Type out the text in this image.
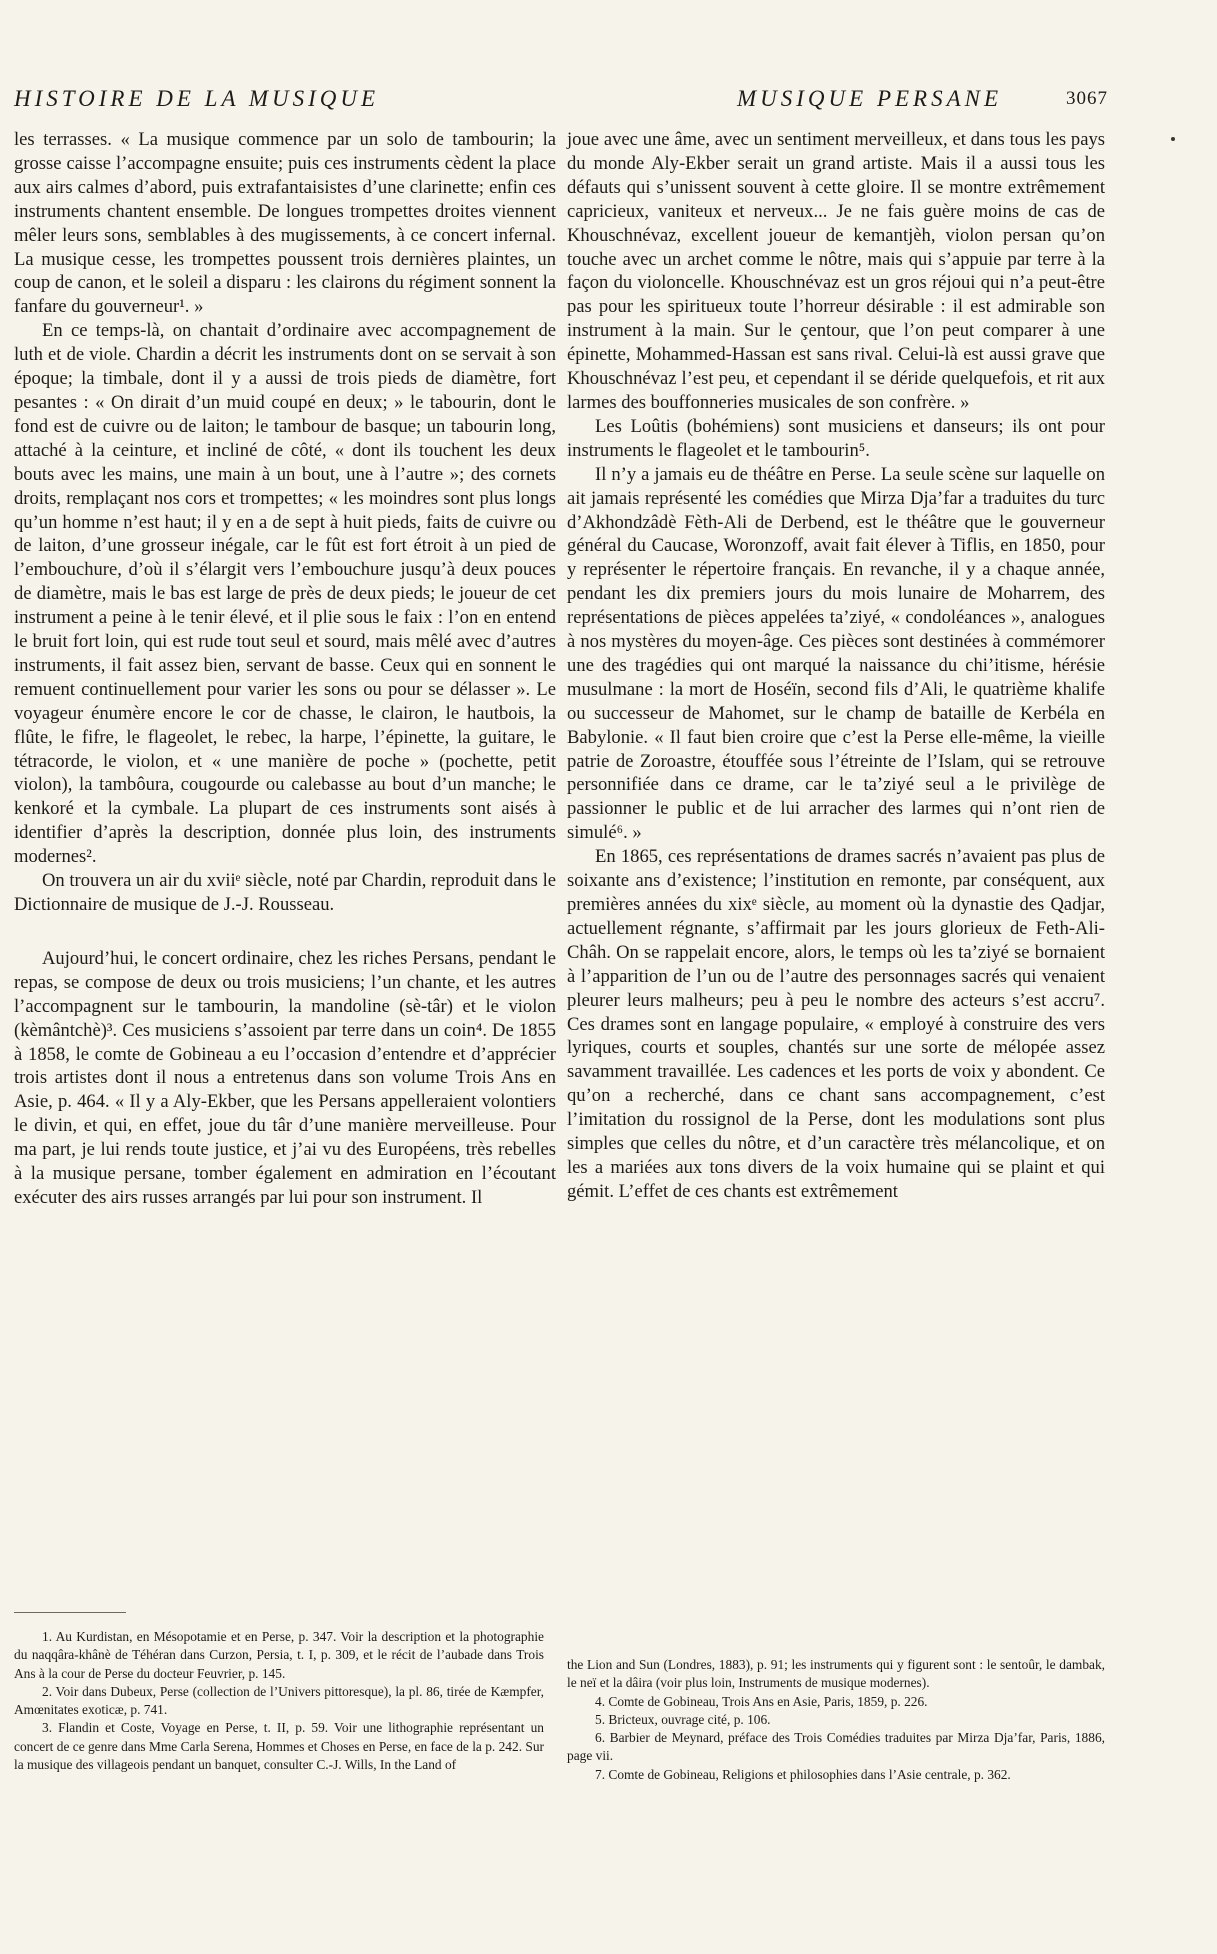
HISTOIRE DE LA MUSIQUE	MUSIQUE PERSANE	3067

les terrasses. « La musique commence par un solo de tambourin; la grosse caisse l’accompagne ensuite; puis ces instruments cèdent la place aux airs calmes d’abord, puis extrafantaisistes d’une clarinette; enfin ces instruments chantent ensemble. De longues trompettes droites viennent mêler leurs sons, semblables à des mugissements, à ce concert infernal. La musique cesse, les trompettes poussent trois dernières plaintes, un coup de canon, et le soleil a disparu : les clairons du régiment sonnent la fanfare du gouverneur¹. »

En ce temps-là, on chantait d’ordinaire avec accompagnement de luth et de viole. Chardin a décrit les instruments dont on se servait à son époque; la timbale, dont il y a aussi de trois pieds de diamètre, fort pesantes : « On dirait d’un muid coupé en deux; » le tabourin, dont le fond est de cuivre ou de laiton; le tambour de basque; un tabourin long, attaché à la ceinture, et incliné de côté, « dont ils touchent les deux bouts avec les mains, une main à un bout, une à l’autre »; des cornets droits, remplaçant nos cors et trompettes; « les moindres sont plus longs qu’un homme n’est haut; il y en a de sept à huit pieds, faits de cuivre ou de laiton, d’une grosseur inégale, car le fût est fort étroit à un pied de l’embouchure, d’où il s’élargit vers l’embouchure jusqu’à deux pouces de diamètre, mais le bas est large de près de deux pieds; le joueur de cet instrument a peine à le tenir élevé, et il plie sous le faix : l’on en entend le bruit fort loin, qui est rude tout seul et sourd, mais mêlé avec d’autres instruments, il fait assez bien, servant de basse. Ceux qui en sonnent le remuent continuellement pour varier les sons ou pour se délasser ». Le voyageur énumère encore le cor de chasse, le clairon, le hautbois, la flûte, le fifre, le flageolet, le rebec, la harpe, l’épinette, la guitare, le tétracorde, le violon, et « une manière de poche » (pochette, petit violon), la tambôura, cougourde ou calebasse au bout d’un manche; le kenkoré et la cymbale. La plupart de ces instruments sont aisés à identifier d’après la description, donnée plus loin, des instruments modernes².

On trouvera un air du xviiᵉ siècle, noté par Chardin, reproduit dans le Dictionnaire de musique de J.-J. Rousseau.

Aujourd’hui, le concert ordinaire, chez les riches Persans, pendant le repas, se compose de deux ou trois musiciens; l’un chante, et les autres l’accompagnent sur le tambourin, la mandoline (sè-târ) et le violon (kèmântchè)³. Ces musiciens s’assoient par terre dans un coin⁴. De 1855 à 1858, le comte de Gobineau a eu l’occasion d’entendre et d’apprécier trois artistes dont il nous a entretenus dans son volume Trois Ans en Asie, p. 464. « Il y a Aly-Ekber, que les Persans appelleraient volontiers le divin, et qui, en effet, joue du târ d’une manière merveilleuse. Pour ma part, je lui rends toute justice, et j’ai vu des Européens, très rebelles à la musique persane, tomber également en admiration en l’écoutant exécuter des airs russes arrangés par lui pour son instrument. Il

joue avec une âme, avec un sentiment merveilleux, et dans tous les pays du monde Aly-Ekber serait un grand artiste. Mais il a aussi tous les défauts qui s’unissent souvent à cette gloire. Il se montre extrêmement capricieux, vaniteux et nerveux... Je ne fais guère moins de cas de Khouschnévaz, excellent joueur de kemantjèh, violon persan qu’on touche avec un archet comme le nôtre, mais qui s’appuie par terre à la façon du violoncelle. Khouschnévaz est un gros réjoui qui n’a peut-être pas pour les spiritueux toute l’horreur désirable : il est admirable son instrument à la main. Sur le çentour, que l’on peut comparer à une épinette, Mohammed-Hassan est sans rival. Celui-là est aussi grave que Khouschnévaz l’est peu, et cependant il se déride quelquefois, et rit aux larmes des bouffonneries musicales de son confrère. »

Les Loûtis (bohémiens) sont musiciens et danseurs; ils ont pour instruments le flageolet et le tambourin⁵.

Il n’y a jamais eu de théâtre en Perse. La seule scène sur laquelle on ait jamais représenté les comédies que Mirza Dja’far a traduites du turc d’Akhondzâdè Fèth-Ali de Derbend, est le théâtre que le gouverneur général du Caucase, Woronzoff, avait fait élever à Tiflis, en 1850, pour y représenter le répertoire français. En revanche, il y a chaque année, pendant les dix premiers jours du mois lunaire de Moharrem, des représentations de pièces appelées ta’ziyé, « condoléances », analogues à nos mystères du moyen-âge. Ces pièces sont destinées à commémorer une des tragédies qui ont marqué la naissance du chi’itisme, hérésie musulmane : la mort de Hoséïn, second fils d’Ali, le quatrième khalife ou successeur de Mahomet, sur le champ de bataille de Kerbéla en Babylonie. « Il faut bien croire que c’est la Perse elle-même, la vieille patrie de Zoroastre, étouffée sous l’étreinte de l’Islam, qui se retrouve personnifiée dans ce drame, car le ta’ziyé seul a le privilège de passionner le public et de lui arracher des larmes qui n’ont rien de simulé⁶. »

En 1865, ces représentations de drames sacrés n’avaient pas plus de soixante ans d’existence; l’institution en remonte, par conséquent, aux premières années du xixᵉ siècle, au moment où la dynastie des Qadjar, actuellement régnante, s’affirmait par les jours glorieux de Feth-Ali-Châh. On se rappelait encore, alors, le temps où les ta’ziyé se bornaient à l’apparition de l’un ou de l’autre des personnages sacrés qui venaient pleurer leurs malheurs; peu à peu le nombre des acteurs s’est accru⁷. Ces drames sont en langage populaire, « employé à construire des vers lyriques, courts et souples, chantés sur une sorte de mélopée assez savamment travaillée. Les cadences et les ports de voix y abondent. Ce qu’on a recherché, dans ce chant sans accompagnement, c’est l’imitation du rossignol de la Perse, dont les modulations sont plus simples que celles du nôtre, et d’un caractère très mélancolique, et on les a mariées aux tons divers de la voix humaine qui se plaint et qui gémit. L’effet de ces chants est extrêmement

1. Au Kurdistan, en Mésopotamie et en Perse, p. 347. Voir la description et la photographie du naqqâra-khânè de Téhéran dans Curzon, Persia, t. I, p. 309, et le récit de l’aubade dans Trois Ans à la cour de Perse du docteur Feuvrier, p. 145.

2. Voir dans Dubeux, Perse (collection de l’Univers pittoresque), la pl. 86, tirée de Kæmpfer, Amœnitates exoticæ, p. 741.

3. Flandin et Coste, Voyage en Perse, t. II, p. 59. Voir une lithographie représentant un concert de ce genre dans Mme Carla Serena, Hommes et Choses en Perse, en face de la p. 242. Sur la musique des villageois pendant un banquet, consulter C.-J. Wills, In the Land of

the Lion and Sun (Londres, 1883), p. 91; les instruments qui y figurent sont : le sentoûr, le dambak, le neï et la dâira (voir plus loin, Instruments de musique modernes).

4. Comte de Gobineau, Trois Ans en Asie, Paris, 1859, p. 226.

5. Bricteux, ouvrage cité, p. 106.

6. Barbier de Meynard, préface des Trois Comédies traduites par Mirza Dja’far, Paris, 1886, page vii.

7. Comte de Gobineau, Religions et philosophies dans l’Asie centrale, p. 362.
